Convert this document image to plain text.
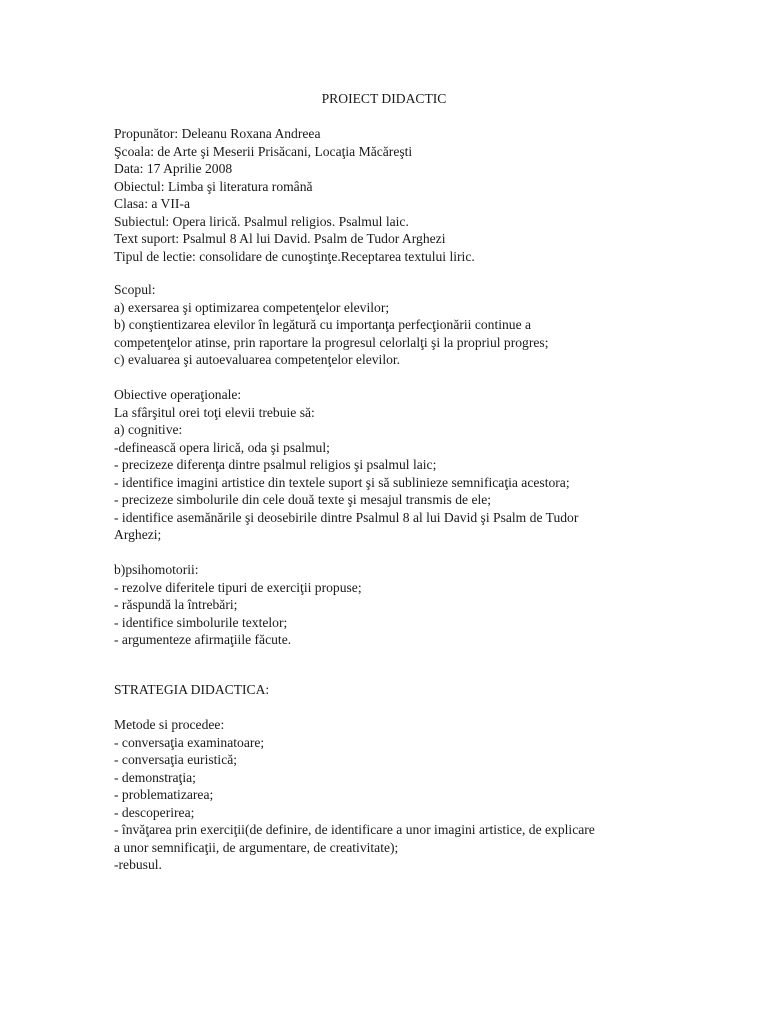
PROIECT DIDACTIC
Propunător: Deleanu Roxana Andreea
Şcoala: de Arte şi Meserii Prisăcani, Locaţia Măcăreşti
Data: 17 Aprilie 2008
Obiectul: Limba şi literatura română
Clasa: a VII-a
Subiectul: Opera lirică. Psalmul religios. Psalmul laic.
Text suport: Psalmul 8 Al lui David. Psalm de Tudor Arghezi
Tipul de lectie: consolidare de cunoştinţe.Receptarea textului liric.
Scopul:
a) exersarea şi optimizarea competenţelor elevilor;
b) conştientizarea elevilor în legătură cu importanţa perfecţionării continue a
competenţelor atinse, prin raportare la progresul celorlalţi şi la propriul progres;
c) evaluarea şi autoevaluarea competenţelor elevilor.
Obiective operaţionale:
La sfârşitul orei toţi elevii trebuie să:
a) cognitive:
-definească opera lirică, oda şi psalmul;
- precizeze diferenţa dintre psalmul religios şi psalmul laic;
- identifice imagini artistice din textele suport şi să sublinieze semnificaţia acestora;
- precizeze simbolurile din cele două texte şi mesajul transmis de ele;
- identifice asemănările şi deosebirile dintre Psalmul 8 al lui David şi Psalm de Tudor
Arghezi;
b)psihomotorii:
- rezolve diferitele tipuri de exerciţii propuse;
- răspundă la întrebări;
- identifice simbolurile textelor;
- argumenteze afirmaţiile făcute.
STRATEGIA DIDACTICA:
Metode si procedee:
- conversaţia examinatoare;
- conversaţia euristică;
- demonstraţia;
- problematizarea;
- descoperirea;
- învăţarea prin exerciţii(de definire, de identificare a unor imagini artistice, de explicare
a unor semnificaţii, de argumentare, de creativitate);
-rebusul.
